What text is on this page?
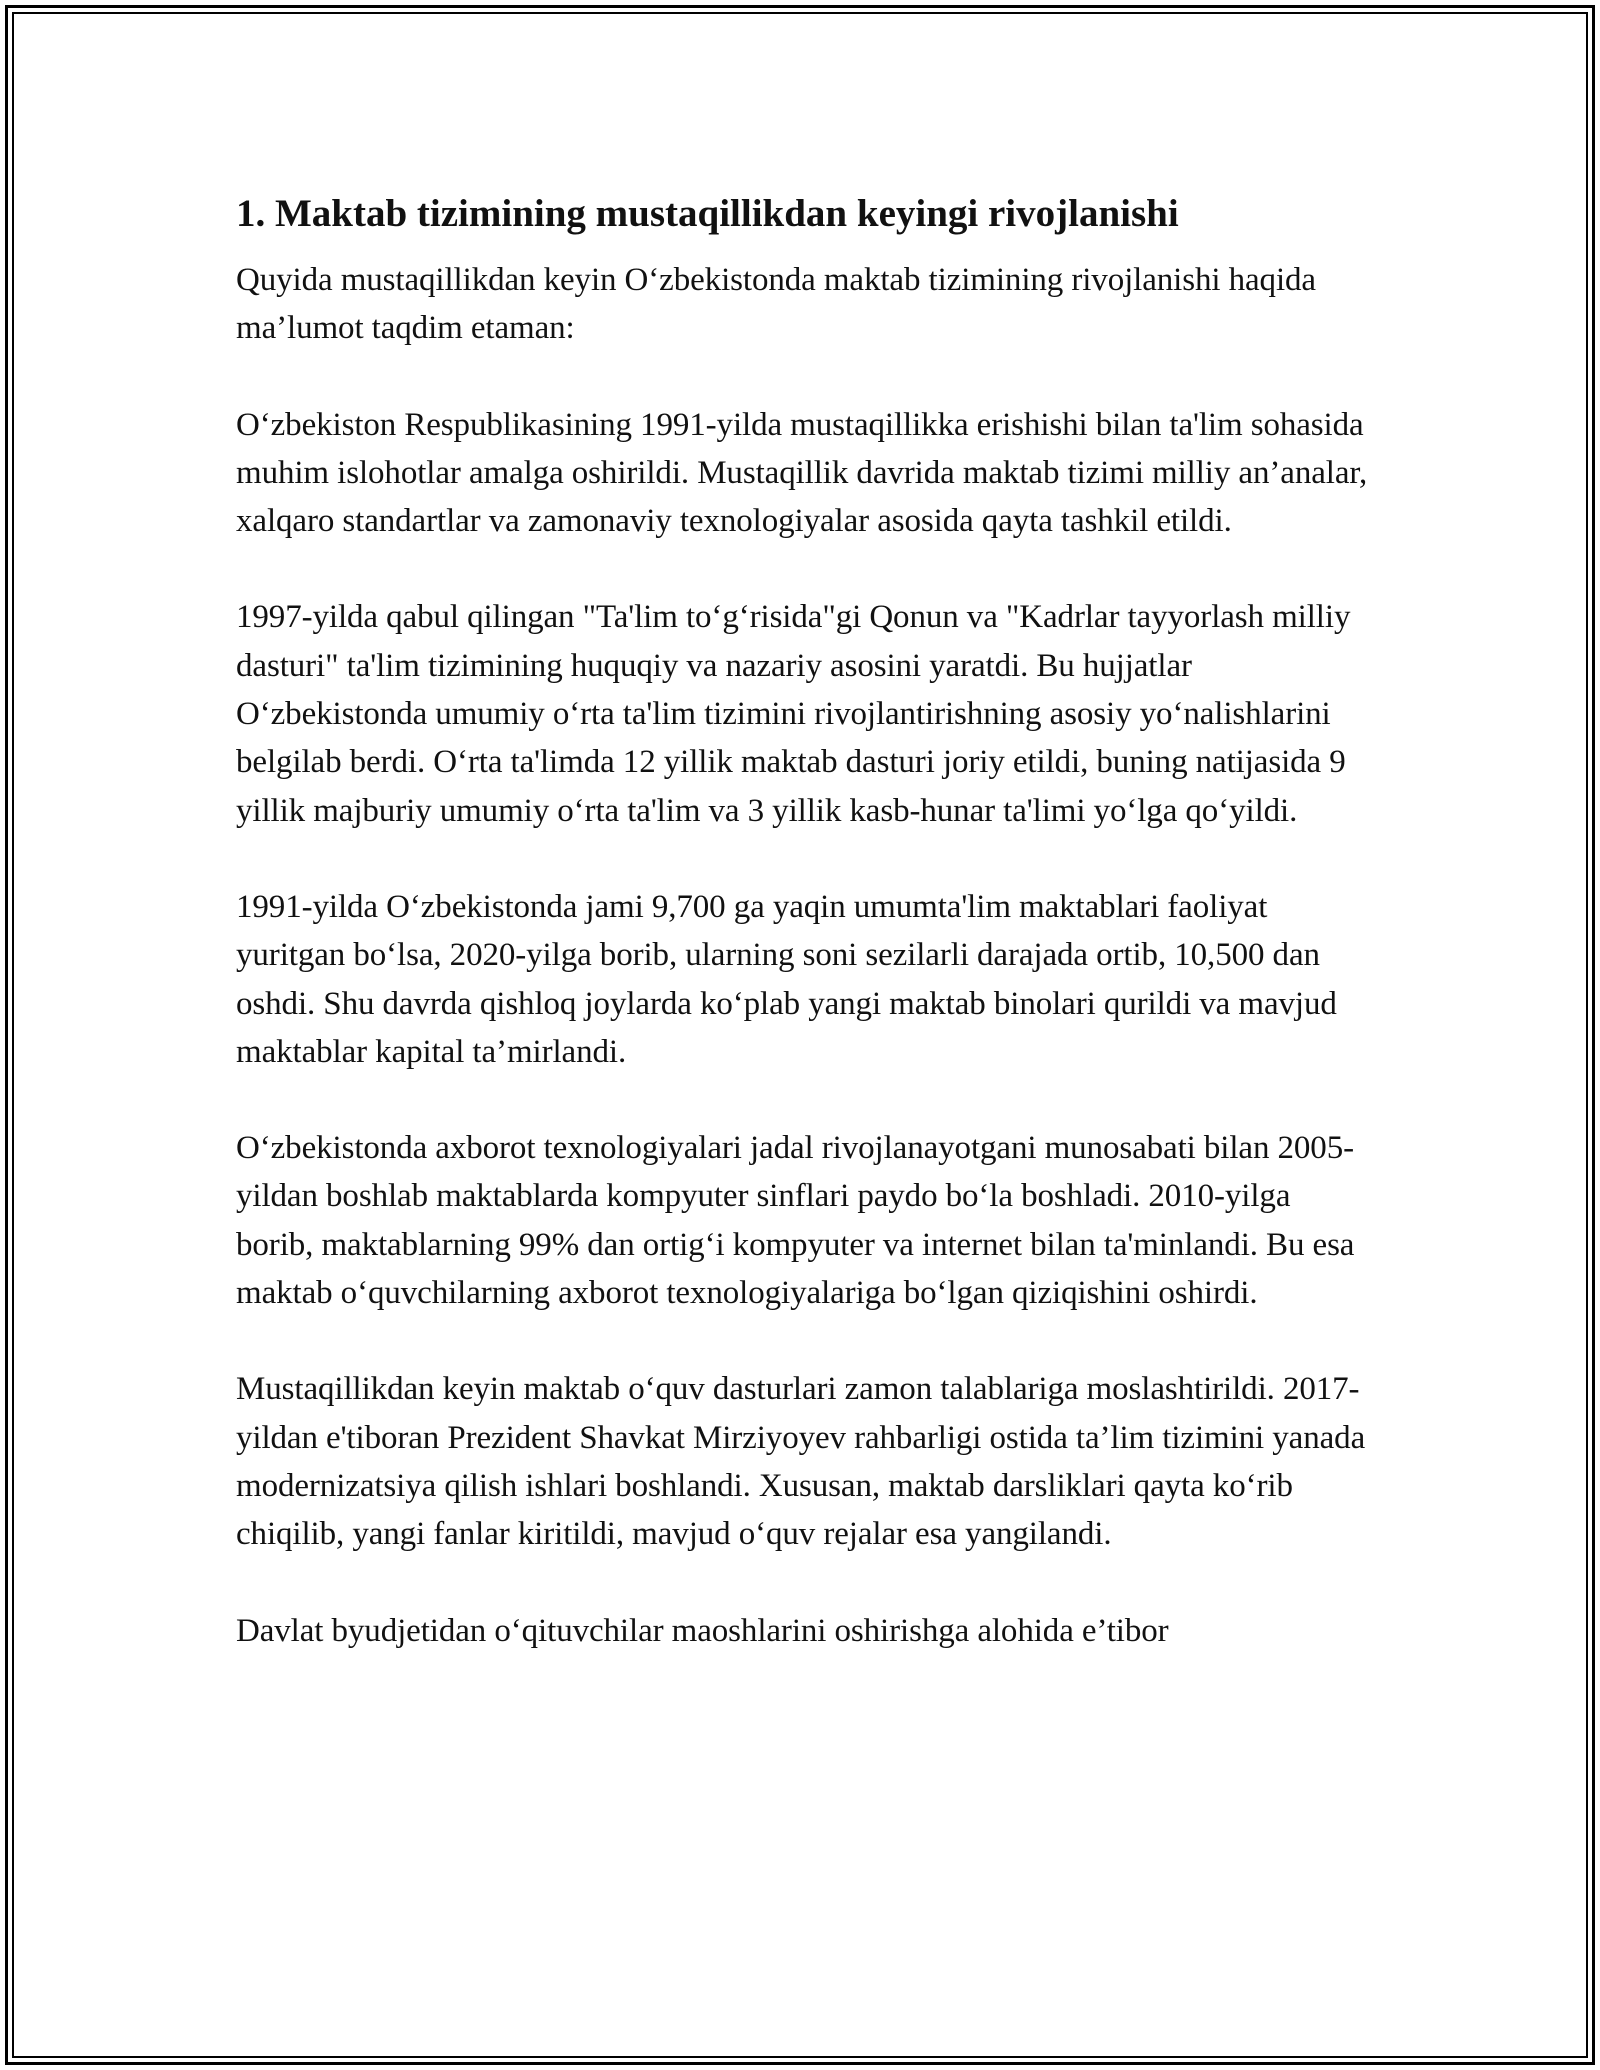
1. Maktab tizimining mustaqillikdan keyingi rivojlanishi

Quyida mustaqillikdan keyin O‘zbekistonda maktab tizimining rivojlanishi haqida ma’lumot taqdim etaman:

O‘zbekiston Respublikasining 1991-yilda mustaqillikka erishishi bilan ta'lim sohasida muhim islohotlar amalga oshirildi. Mustaqillik davrida maktab tizimi milliy an’analar, xalqaro standartlar va zamonaviy texnologiyalar asosida qayta tashkil etildi.

1997-yilda qabul qilingan "Ta'lim to‘g‘risida"gi Qonun va "Kadrlar tayyorlash milliy dasturi" ta'lim tizimining huquqiy va nazariy asosini yaratdi. Bu hujjatlar O‘zbekistonda umumiy o‘rta ta'lim tizimini rivojlantirishning asosiy yo‘nalishlarini belgilab berdi. O‘rta ta'limda 12 yillik maktab dasturi joriy etildi, buning natijasida 9 yillik majburiy umumiy o‘rta ta'lim va 3 yillik kasb-hunar ta'limi yo‘lga qo‘yildi.

1991-yilda O‘zbekistonda jami 9,700 ga yaqin umumta'lim maktablari faoliyat yuritgan bo‘lsa, 2020-yilga borib, ularning soni sezilarli darajada ortib, 10,500 dan oshdi. Shu davrda qishloq joylarda ko‘plab yangi maktab binolari qurildi va mavjud maktablar kapital ta’mirlandi.

O‘zbekistonda axborot texnologiyalari jadal rivojlanayotgani munosabati bilan 2005-yildan boshlab maktablarda kompyuter sinflari paydo bo‘la boshladi. 2010-yilga borib, maktablarning 99% dan ortig‘i kompyuter va internet bilan ta'minlandi. Bu esa maktab o‘quvchilarning axborot texnologiyalariga bo‘lgan qiziqishini oshirdi.

Mustaqillikdan keyin maktab o‘quv dasturlari zamon talablariga moslashtirildi. 2017-yildan e'tiboran Prezident Shavkat Mirziyoyev rahbarligi ostida ta’lim tizimini yanada modernizatsiya qilish ishlari boshlandi. Xususan, maktab darsliklari qayta ko‘rib chiqilib, yangi fanlar kiritildi, mavjud o‘quv rejalar esa yangilandi.

Davlat byudjetidan o‘qituvchilar maoshlarini oshirishga alohida e’tibor
